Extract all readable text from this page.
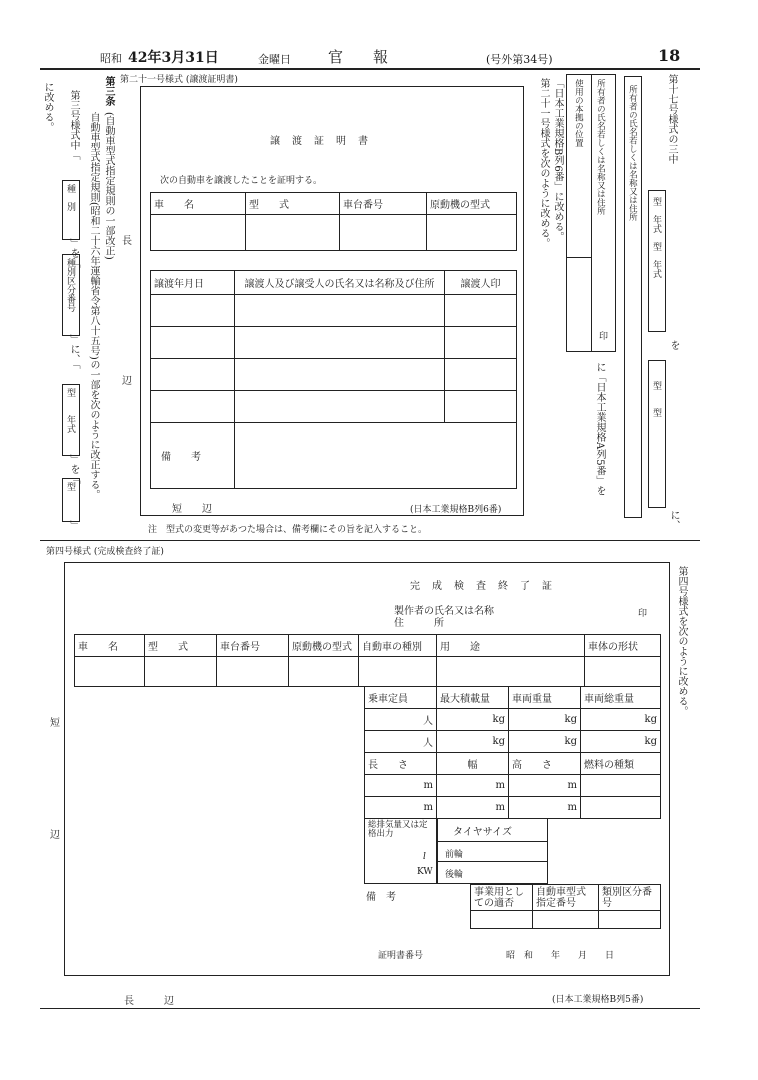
昭和 42年3月31日	金曜日 官　　報	(号外第34号)	18
第三条
(自動車型式指定規則の一部改正)
自動車型式指定規則(昭和二十六年運輸省令第八十五号)の一部を次のように改正する。
第三号様式中「
種　別
」を「
種別区分番号
」に、「
型　　年式
」を「
型
」
に改める。
第二十一号様式 (譲渡証明書)
譲　渡　証　明　書
次の自動車を譲渡したことを証明する。
車　　名	型　　式	車台番号	原動機の型式

長
辺
譲渡年月日	譲渡人及び譲受人の氏名又は名称及び住所	譲渡人印

備　　考		
短　　辺	(日本工業規格B列6番)
注　型式の変更等があつた場合は、備考欄にその旨を記入すること。
「日本工業規格B列6番」に改める。
第二十一号様式を次のように改める。	所有者の氏名若しくは名称又は住所
使用の本拠の位置
印
に「日本工業規格A列5番」を
第十七号様式の三中
所有者の氏名若しくは名称又は住所
型　年式　型　年式
を
型　　型
に、
第四号様式 (完成検査終了証)
完　成　検　査　終　了　証
製作者の氏名又は名称
住　　　所
印
車　　名	型　　式	車台番号	原動機の型式	自動車の種別	用　　途	車体の形状

乗車定員	最大積載量	車両重量	車両総重量
人	kg	kg	kg
人	kg	kg	kg
長　　さ	幅	高　　さ	燃料の種類
m	m	m	
m	m	m	
総排気量又は定格出力
l
KW
タイヤサイズ
前輪
後輪
備　考	事業用としての適否	自動車型式指定番号	類別区分番号

証明書番号	昭　和　　年　　月　　日
短
辺
長　　　辺	(日本工業規格B列5番)
第四号様式を次のように改める。
